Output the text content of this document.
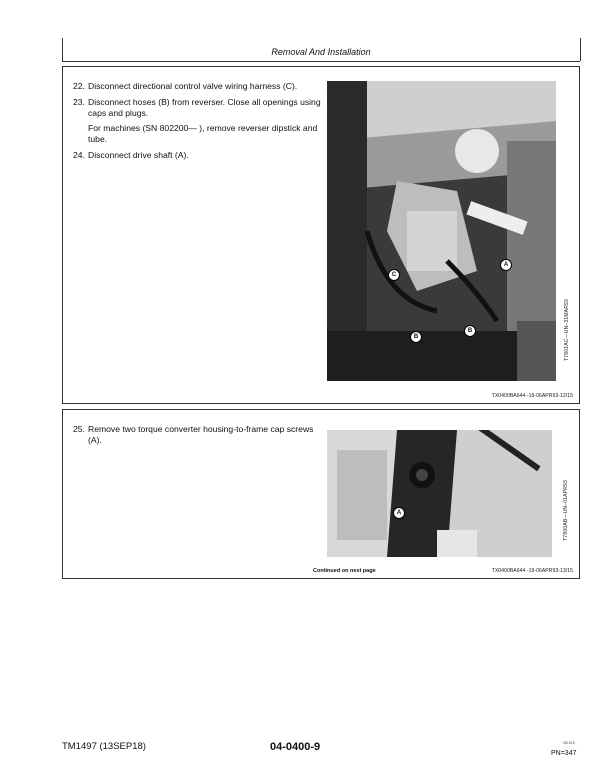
Removal And Installation
22. Disconnect directional control valve wiring harness (C).
23. Disconnect hoses (B) from reverser. Close all openings using caps and plugs.
For machines (SN 802200— ), remove reverser dipstick and tube.
24. Disconnect drive shaft (A).
C
A
B
B	T7801AC—UN–31MAR93
TX0400BA644 -19-06APR93-12/15
25. Remove two torque converter housing-to-frame cap screws (A).
A	T7800AB—UN–01APR93
Continued on next page	TX0400BA644 -19-06APR93-13/15
TM1497 (13SEP18)	04-0400-9	081518
PN=347
